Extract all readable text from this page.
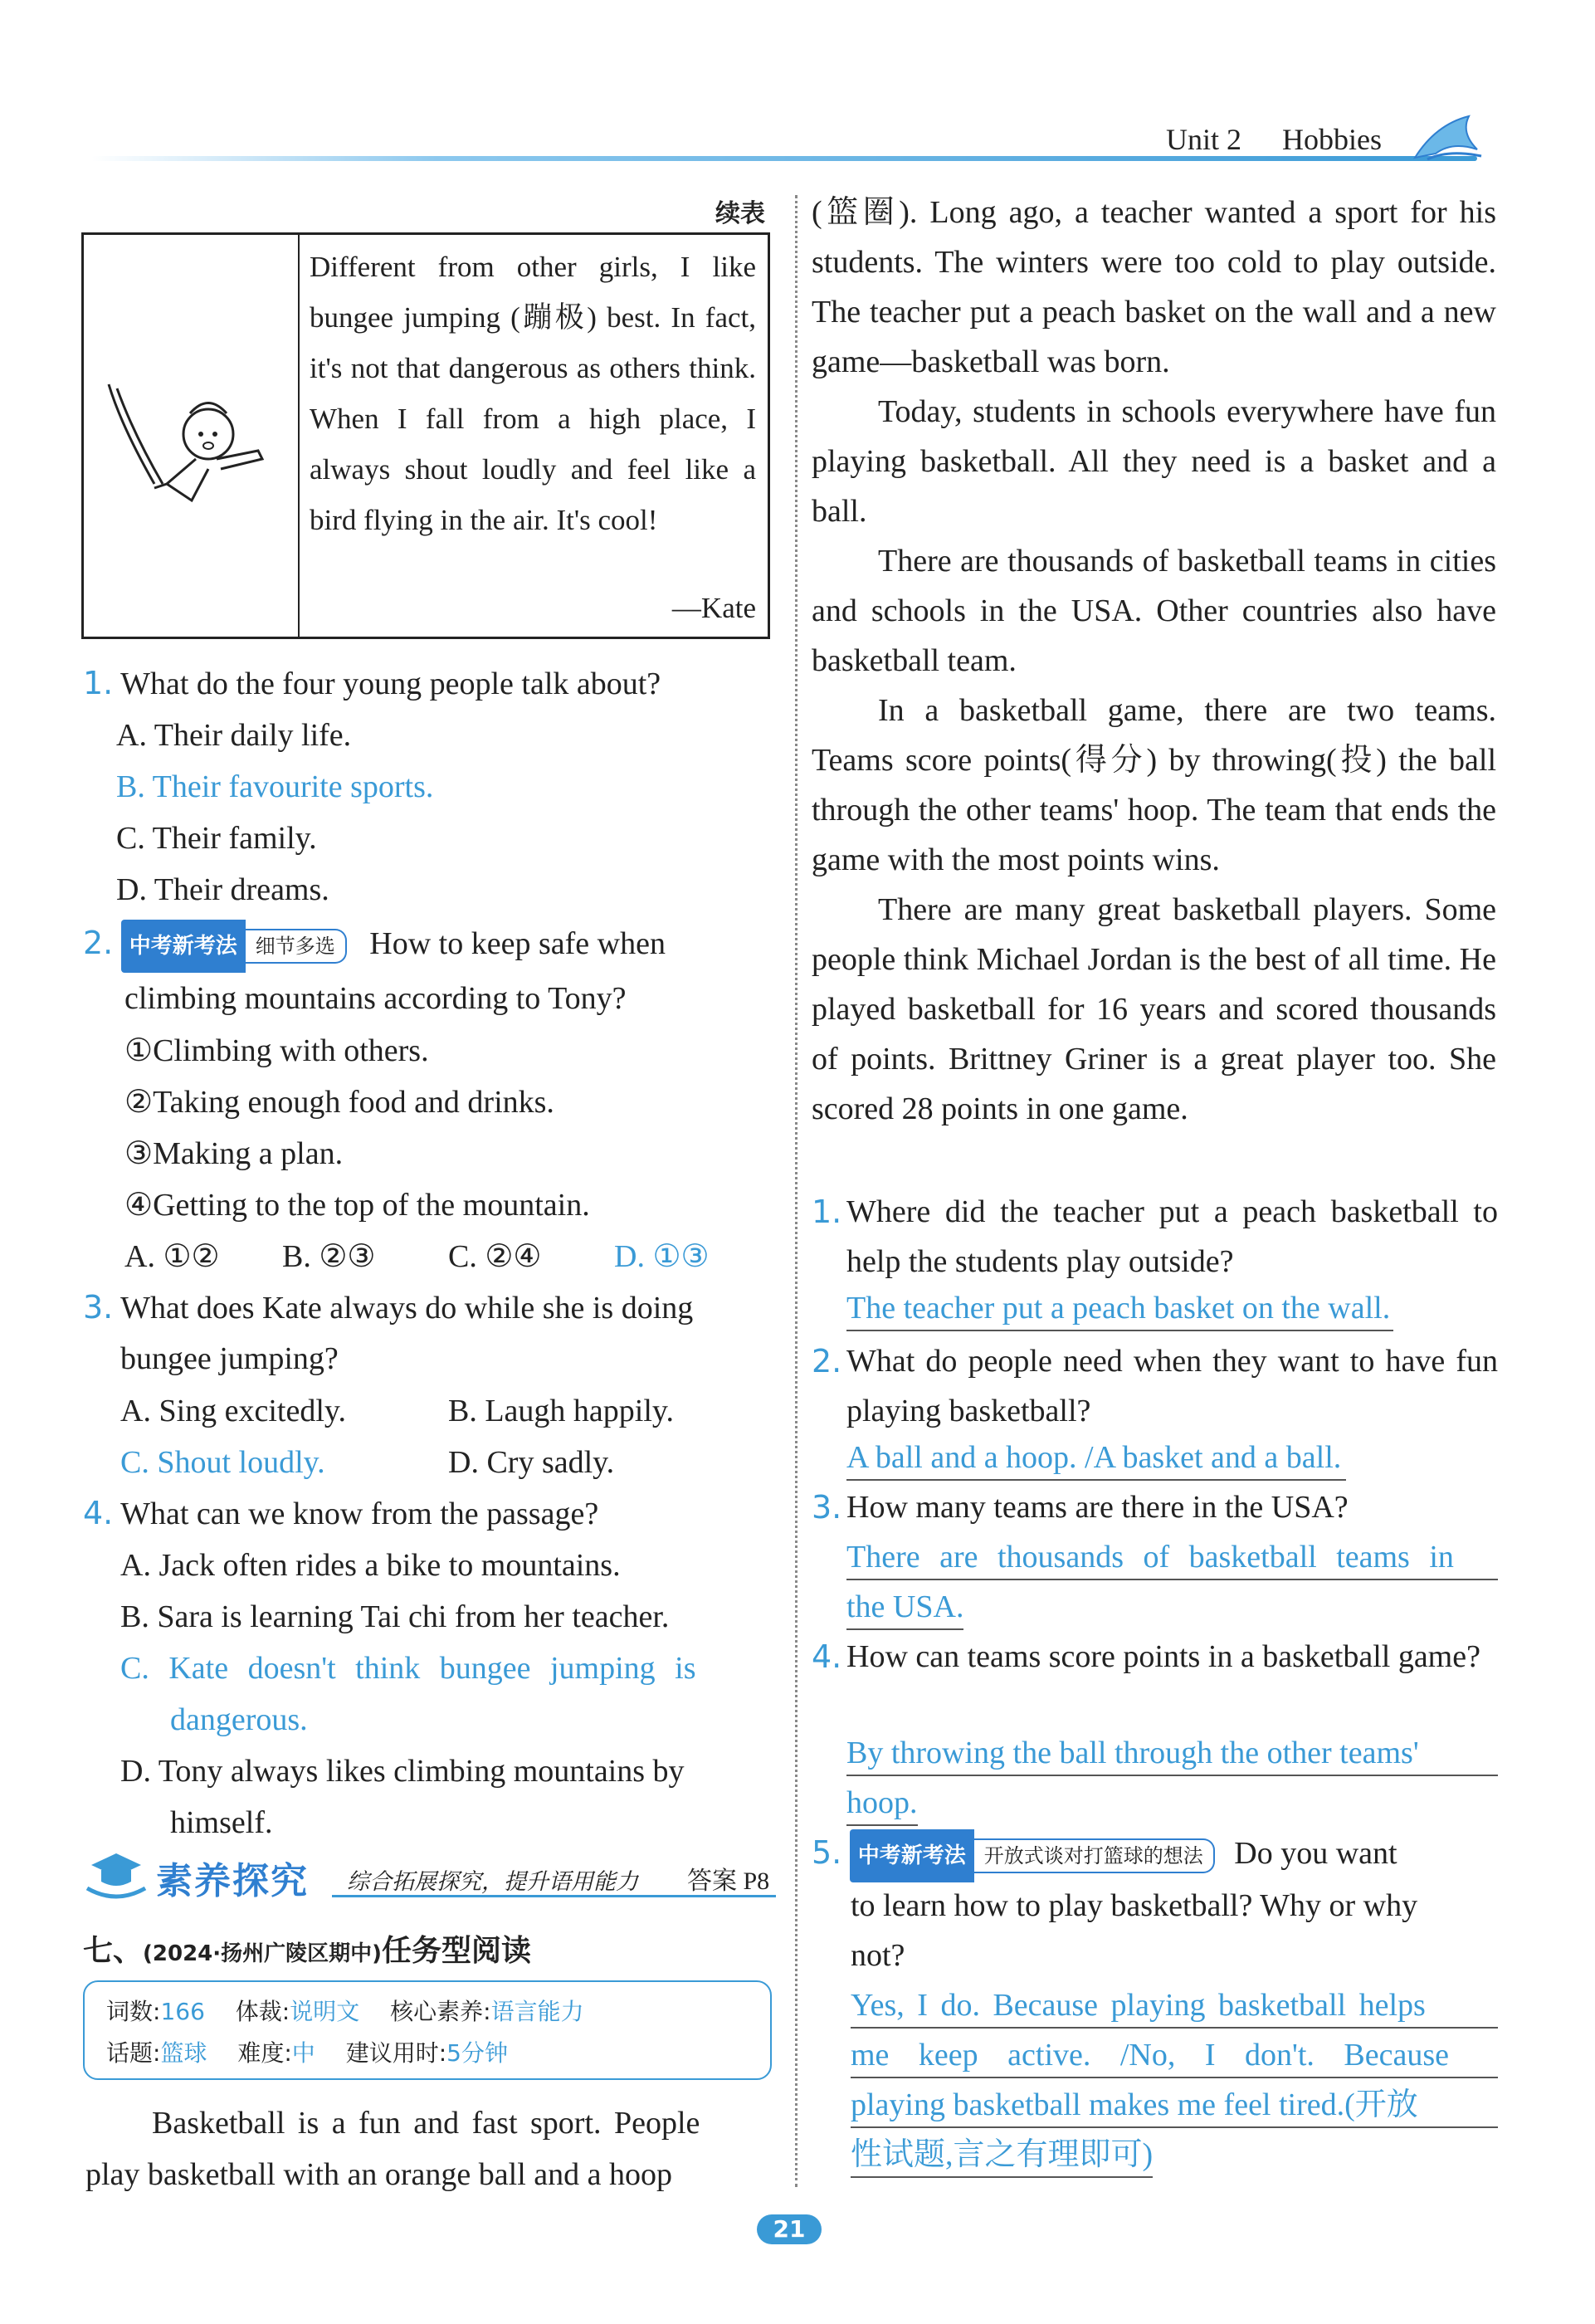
Unit 2 Hobbies
续表
Different from other girls, I like bungee jumping (蹦极) best. In fact, it's not that dangerous as others think. When I fall from a high place, I always shout loudly and feel like a bird flying in the air. It's cool!
—Kate
1. What do the four young people talk about?
A. Their daily life.
B. Their favourite sports.
C. Their family.
D. Their dreams.
2. 中考新考法 细节多选 How to keep safe when
climbing mountains according to Tony?
①Climbing with others.
②Taking enough food and drinks.
③Making a plan.
④Getting to the top of the mountain.
A. ①② B. ②③ C. ②④ D. ①③
3. What does Kate always do while she is doing
bungee jumping?
A. Sing excitedly.	B. Laugh happily.
C. Shout loudly.	D. Cry sadly.
4. What can we know from the passage?
A. Jack often rides a bike to mountains.
B. Sara is learning Tai chi from her teacher.
C. Kate doesn't think bungee jumping is
dangerous.
D. Tony always likes climbing mountains by
himself.
素养探究 综合拓展探究，提升语用能力 答案 P8
七、(2024·扬州广陵区期中)任务型阅读
词数:166 体裁:说明文 核心素养:语言能力
话题:篮球 难度:中 建议用时:5分钟
Basketball is a fun and fast sport. People
play basketball with an orange ball and a hoop
(篮圈). Long ago, a teacher wanted a sport for his students. The winters were too cold to play outside. The teacher put a peach basket on the wall and a new game—basketball was born.
Today, students in schools everywhere have fun playing basketball. All they need is a basket and a ball.
There are thousands of basketball teams in cities and schools in the USA. Other countries also have basketball team.
In a basketball game, there are two teams. Teams score points(得分) by throwing(投) the ball through the other teams' hoop. The team that ends the game with the most points wins.
There are many great basketball players. Some people think Michael Jordan is the best of all time. He played basketball for 16 years and scored thousands of points. Brittney Griner is a great player too. She scored 28 points in one game.
1. Where did the teacher put a peach basketball to help the students play outside?
The teacher put a peach basket on the wall.
2. What do people need when they want to have fun playing basketball?
A ball and a hoop. /A basket and a ball.
3. How many teams are there in the USA?
There are thousands of basketball teams in
the USA.
4. How can teams score points in a basketball game?
By throwing the ball through the other teams'
hoop.
5. 中考新考法 开放式谈对打篮球的想法 Do you want
to learn how to play basketball? Why or why
not?
Yes, I do. Because playing basketball helps
me keep active. /No, I don't. Because
playing basketball makes me feel tired.(开放
性试题,言之有理即可)
21
